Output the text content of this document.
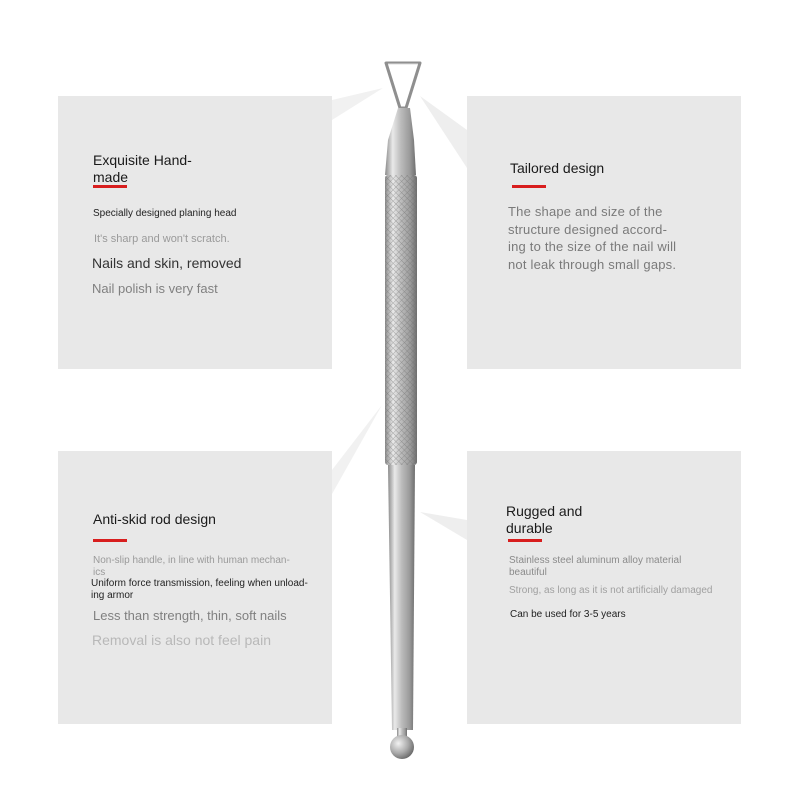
Exquisite Hand-
made

Specially designed planing head

It's sharp and won't scratch.

Nails and skin, removed

Nail polish is very fast

Tailored design

The shape and size of the
structure designed accord-
ing to the size of the nail will
not leak through small gaps.

Anti-skid rod design

Non-slip handle, in line with human mechan-
ics

Uniform force transmission, feeling when unload-
ing armor

Less than strength, thin, soft nails

Removal is also not feel pain

Rugged and
durable

Stainless steel aluminum alloy material
beautiful

Strong, as long as it is not artificially damaged

Can be used for 3-5 years
